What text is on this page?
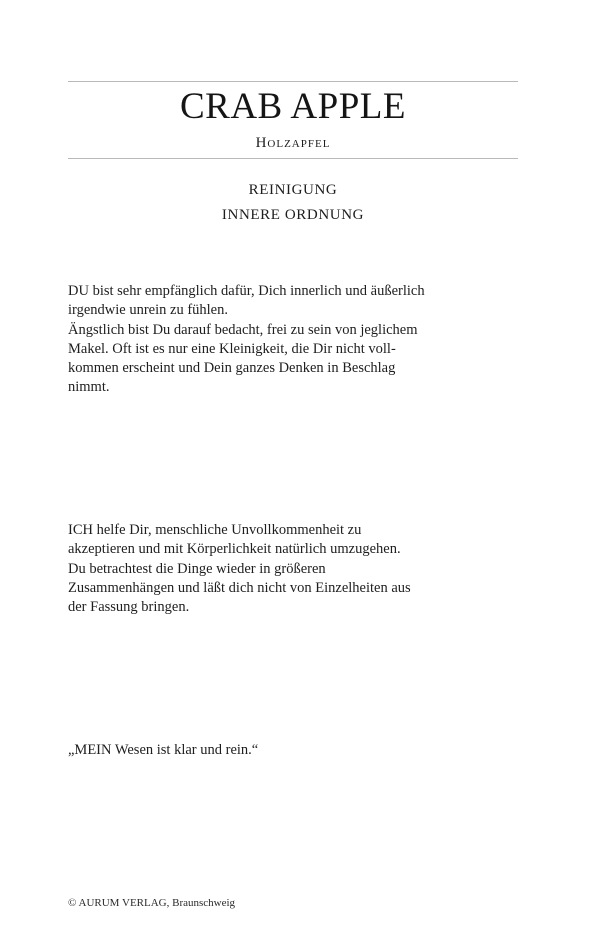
CRAB APPLE
Holzapfel
REINIGUNG
INNERE ORDNUNG
DU bist sehr empfänglich dafür, Dich innerlich und äußerlich
irgendwie unrein zu fühlen.
Ängstlich bist Du darauf bedacht, frei zu sein von jeglichem
Makel. Oft ist es nur eine Kleinigkeit, die Dir nicht voll-
kommen erscheint und Dein ganzes Denken in Beschlag
nimmt.
ICH helfe Dir, menschliche Unvollkommenheit zu
akzeptieren und mit Körperlichkeit natürlich umzugehen.
Du betrachtest die Dinge wieder in größeren
Zusammenhängen und läßt dich nicht von Einzelheiten aus
der Fassung bringen.
„MEIN Wesen ist klar und rein.“
© AURUM VERLAG, Braunschweig
